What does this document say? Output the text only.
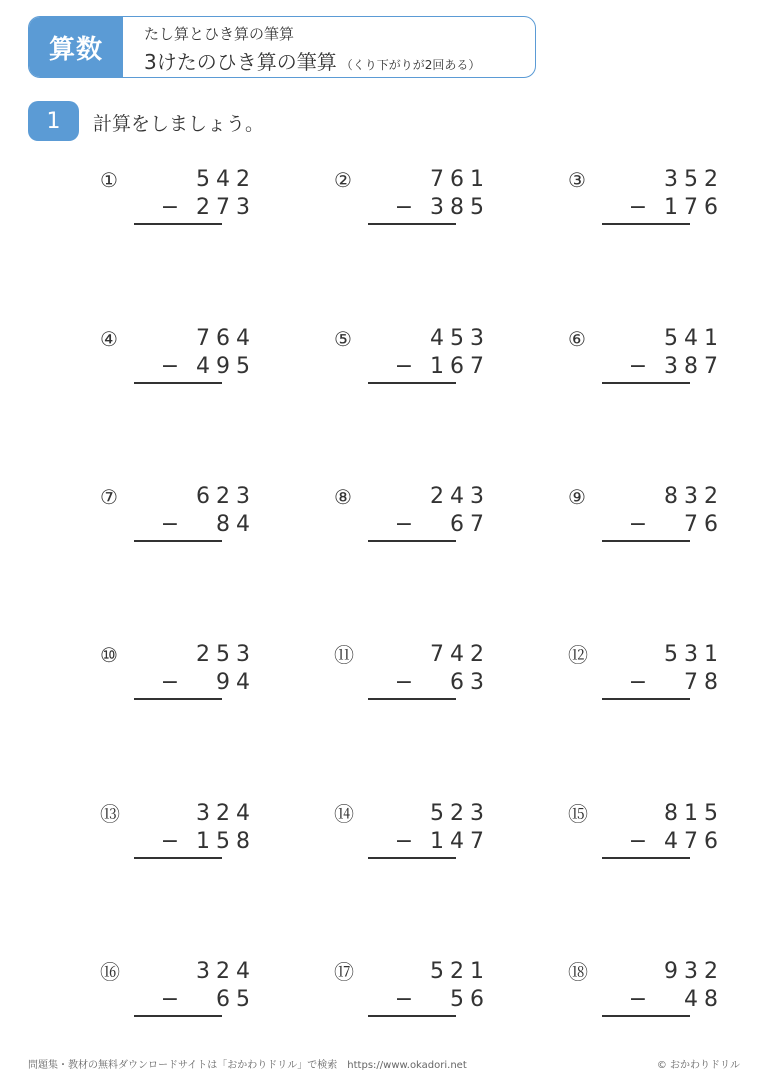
算数
たし算とひき算の筆算
3けたのひき算の筆算 （くり下がりが2回ある）
1	計算をしましょう。
①	542
− 273
②	761
− 385
③	352
− 176
④	764
− 495
⑤	453
− 167
⑥	541
− 387
⑦	623
− 84
⑧	243
− 67
⑨	832
− 76
⑩	253
− 94
⑪	742
− 63
⑫	531
− 78
⑬	324
− 158
⑭	523
− 147
⑮	815
− 476
⑯	324
− 65
⑰	521
− 56
⑱	932
− 48
問題集・教材の無料ダウンロードサイトは「おかわりドリル」で検索　https://www.okadori.net	© おかわりドリル
